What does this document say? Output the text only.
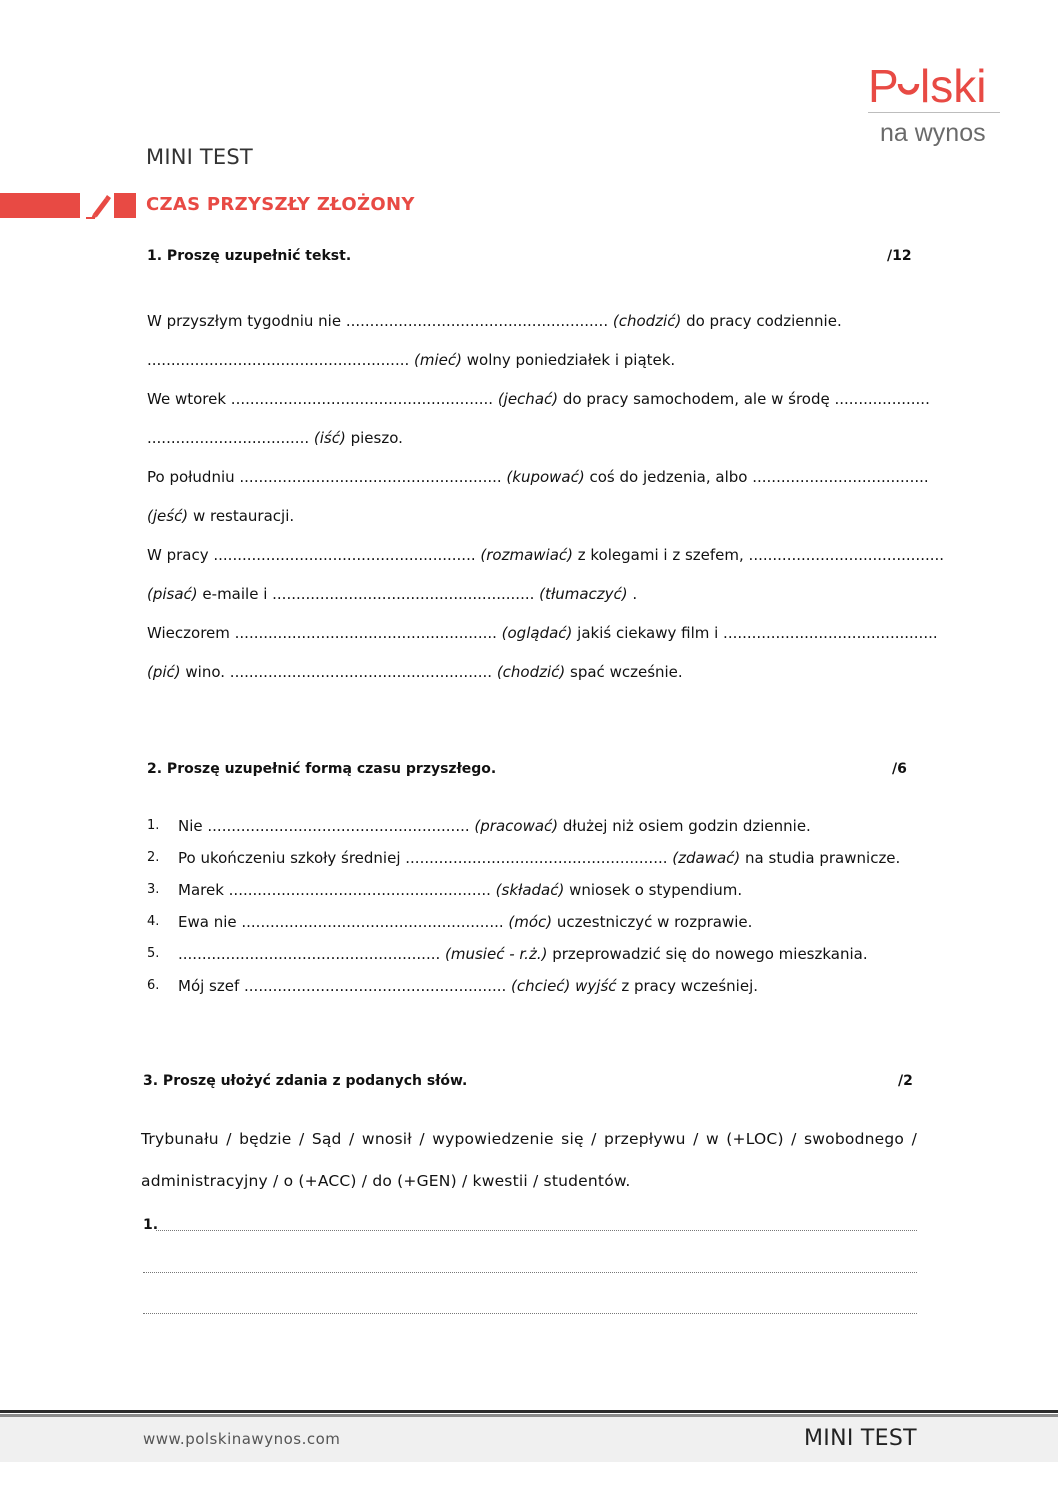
P lski
na wynos
MINI TEST
CZAS PRZYSZŁY ZŁOŻONY
1. Proszę uzupełnić tekst.	/12
W przyszłym tygodniu nie ....................................................... (chodzić) do pracy codziennie.
....................................................... (mieć) wolny poniedziałek i piątek.
We wtorek ....................................................... (jechać) do pracy samochodem, ale w środę ....................
.................................. (iść) pieszo.
Po południu ....................................................... (kupować) coś do jedzenia, albo .....................................
(jeść) w restauracji.
W pracy ....................................................... (rozmawiać) z kolegami i z szefem, .........................................
(pisać) e-maile i ....................................................... (tłumaczyć) .
Wieczorem ....................................................... (oglądać) jakiś ciekawy film i .............................................
(pić) wino. ....................................................... (chodzić) spać wcześnie.
2. Proszę uzupełnić formą czasu przyszłego.	/6
1. Nie ....................................................... (pracować) dłużej niż osiem godzin dziennie.
2. Po ukończeniu szkoły średniej ....................................................... (zdawać) na studia prawnicze.
3. Marek ....................................................... (składać) wniosek o stypendium.
4. Ewa nie ....................................................... (móc) uczestniczyć w rozprawie.
5. ....................................................... (musieć - r.ż.) przeprowadzić się do nowego mieszkania.
6. Mój szef ....................................................... (chcieć) wyjść z pracy wcześniej.
3. Proszę ułożyć zdania z podanych słów.	/2
Trybunału / będzie / Sąd / wnosił / wypowiedzenie się / przepływu / w (+LOC) / swobodnego /
administracyjny / o (+ACC) / do (+GEN) / kwestii / studentów.
1.
www.polskinawynos.com	MINI TEST
